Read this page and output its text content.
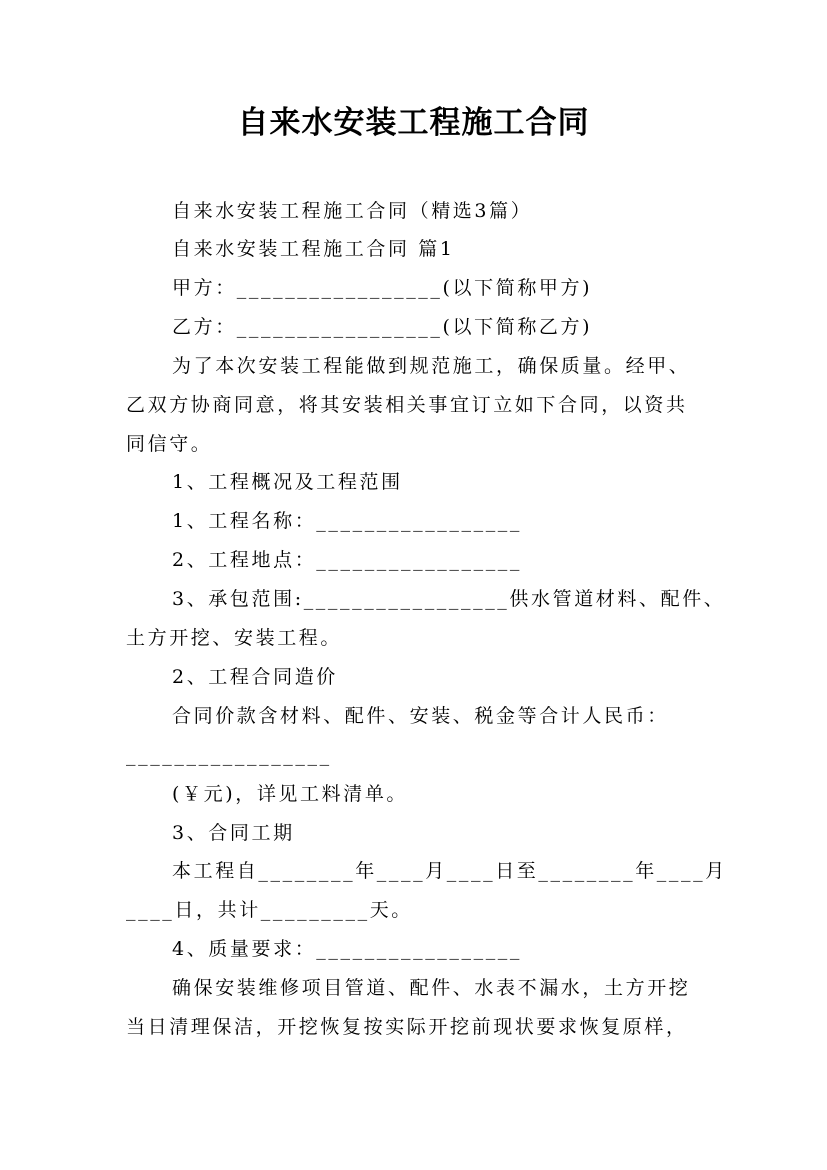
自来水安装工程施工合同
自来水安装工程施工合同（精选3篇）
自来水安装工程施工合同 篇1
甲方：_________________(以下简称甲方)
乙方：_________________(以下简称乙方)
为了本次安装工程能做到规范施工，确保质量。经甲、
乙双方协商同意，将其安装相关事宜订立如下合同，以资共
同信守。
1、工程概况及工程范围
1、工程名称：_________________
2、工程地点：_________________
3、承包范围:_________________供水管道材料、配件、
土方开挖、安装工程。
2、工程合同造价
合同价款含材料、配件、安装、税金等合计人民币：
_________________
(￥元)，详见工料清单。
3、合同工期
本工程自________年____月____日至________年____月
____日，共计_________天。
4、质量要求：_________________
确保安装维修项目管道、配件、水表不漏水，土方开挖
当日清理保洁，开挖恢复按实际开挖前现状要求恢复原样，
